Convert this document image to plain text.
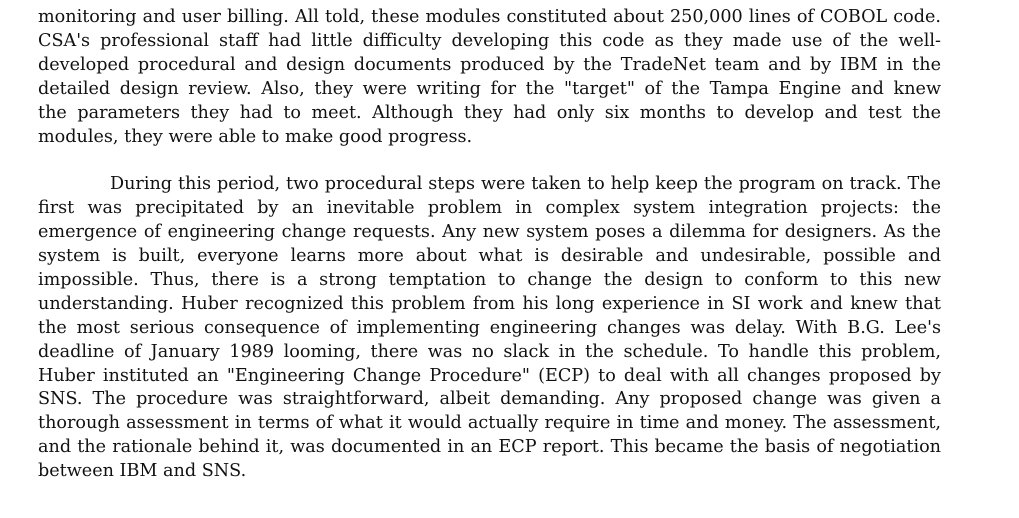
monitoring and user billing. All told, these modules constituted about 250,000 lines of COBOL code.
CSA's professional staff had little difficulty developing this code as they made use of the well-
developed procedural and design documents produced by the TradeNet team and by IBM in the
detailed design review. Also, they were writing for the "target" of the Tampa Engine and knew
the parameters they had to meet. Although they had only six months to develop and test the
modules, they were able to make good progress.
During this period, two procedural steps were taken to help keep the program on track. The
first was precipitated by an inevitable problem in complex system integration projects: the
emergence of engineering change requests. Any new system poses a dilemma for designers. As the
system is built, everyone learns more about what is desirable and undesirable, possible and
impossible. Thus, there is a strong temptation to change the design to conform to this new
understanding. Huber recognized this problem from his long experience in SI work and knew that
the most serious consequence of implementing engineering changes was delay. With B.G. Lee's
deadline of January 1989 looming, there was no slack in the schedule. To handle this problem,
Huber instituted an "Engineering Change Procedure" (ECP) to deal with all changes proposed by
SNS. The procedure was straightforward, albeit demanding. Any proposed change was given a
thorough assessment in terms of what it would actually require in time and money. The assessment,
and the rationale behind it, was documented in an ECP report. This became the basis of negotiation
between IBM and SNS.
